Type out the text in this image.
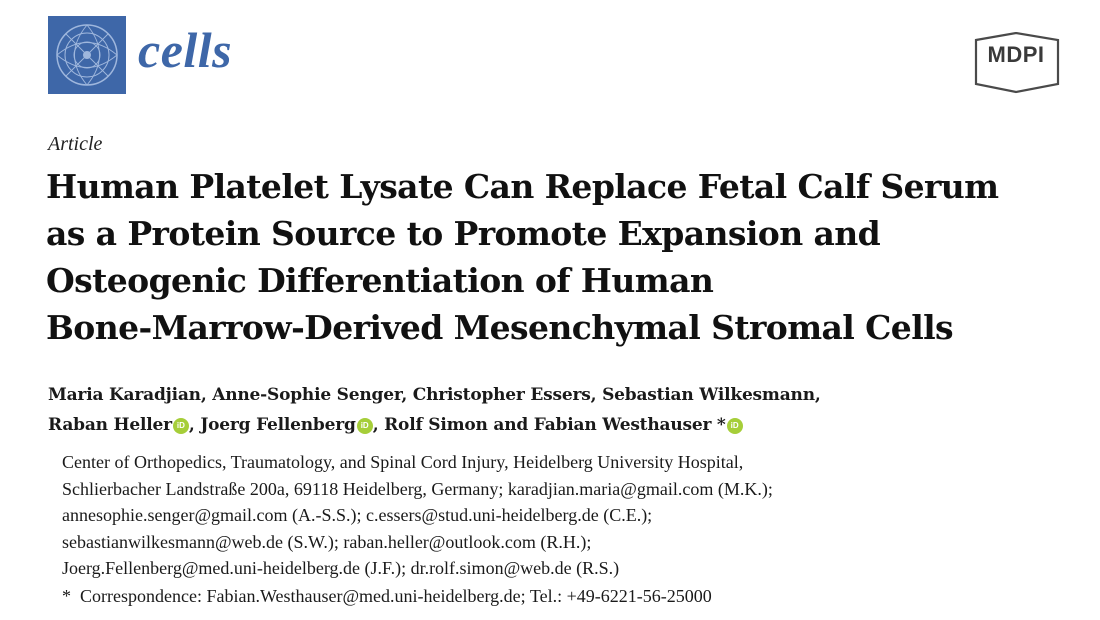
cells	MDPI
Article
Human Platelet Lysate Can Replace Fetal Calf Serum
as a Protein Source to Promote Expansion and
Osteogenic Differentiation of Human
Bone-Marrow-Derived Mesenchymal Stromal Cells
Maria Karadjian, Anne-Sophie Senger, Christopher Essers, Sebastian Wilkesmann,
Raban Heller iD , Joerg Fellenberg iD , Rolf Simon and Fabian Westhauser * iD
Center of Orthopedics, Traumatology, and Spinal Cord Injury, Heidelberg University Hospital,
Schlierbacher Landstraße 200a, 69118 Heidelberg, Germany; karadjian.maria@gmail.com (M.K.);
annesophie.senger@gmail.com (A.-S.S.); c.essers@stud.uni-heidelberg.de (C.E.);
sebastianwilkesmann@web.de (S.W.); raban.heller@outlook.com (R.H.);
Joerg.Fellenberg@med.uni-heidelberg.de (J.F.); dr.rolf.simon@web.de (R.S.)
* Correspondence: Fabian.Westhauser@med.uni-heidelberg.de; Tel.: +49-6221-56-25000
